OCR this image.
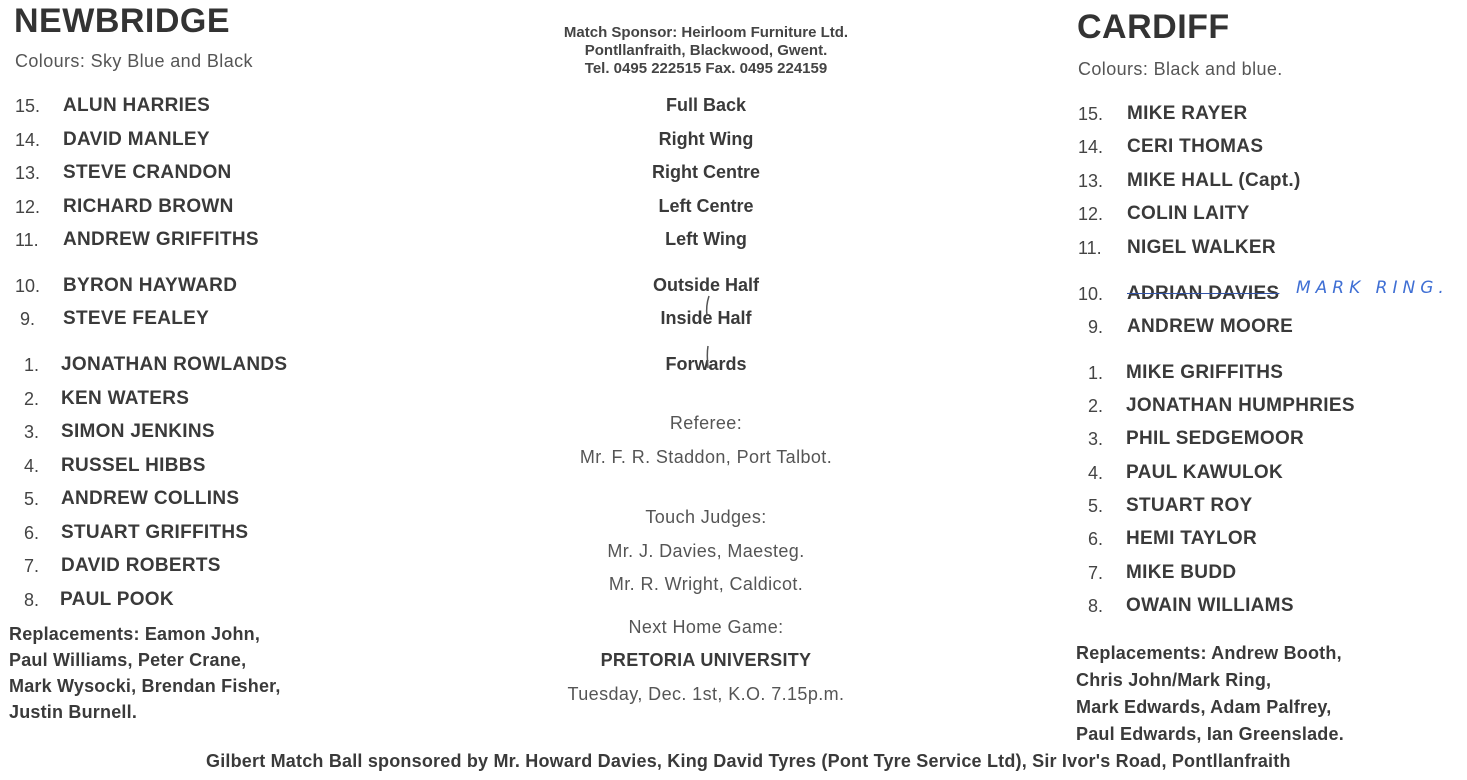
NEWBRIDGE
Colours: Sky Blue and Black
15. ALUN HARRIES
14. DAVID MANLEY
13. STEVE CRANDON
12. RICHARD BROWN
11. ANDREW GRIFFITHS
10. BYRON HAYWARD
9. STEVE FEALEY
1. JONATHAN ROWLANDS
2. KEN WATERS
3. SIMON JENKINS
4. RUSSEL HIBBS
5. ANDREW COLLINS
6. STUART GRIFFITHS
7. DAVID ROBERTS
8. PAUL POOK
Replacements: Eamon John,
Paul Williams, Peter Crane,
Mark Wysocki, Brendan Fisher,
Justin Burnell.
Match Sponsor: Heirloom Furniture Ltd.
Pontllanfraith, Blackwood, Gwent.
Tel. 0495 222515 Fax. 0495 224159
Full Back
Right Wing
Right Centre
Left Centre
Left Wing
Outside Half
Inside Half
Forwards
Referee:
Mr. F. R. Staddon, Port Talbot.
Touch Judges:
Mr. J. Davies, Maesteg.
Mr. R. Wright, Caldicot.
Next Home Game:
PRETORIA UNIVERSITY
Tuesday, Dec. 1st, K.O. 7.15p.m.
CARDIFF
Colours: Black and blue.
15. MIKE RAYER
14. CERI THOMAS
13. MIKE HALL (Capt.)
12. COLIN LAITY
11. NIGEL WALKER
10. ADRIAN DAVIES
9. ANDREW MOORE
1. MIKE GRIFFITHS
2. JONATHAN HUMPHRIES
3. PHIL SEDGEMOOR
4. PAUL KAWULOK
5. STUART ROY
6. HEMI TAYLOR
7. MIKE BUDD
8. OWAIN WILLIAMS
MARK RING.
Replacements: Andrew Booth,
Chris John/Mark Ring,
Mark Edwards, Adam Palfrey,
Paul Edwards, Ian Greenslade.
Gilbert Match Ball sponsored by Mr. Howard Davies, King David Tyres (Pont Tyre Service Ltd), Sir Ivor's Road, Pontllanfraith
